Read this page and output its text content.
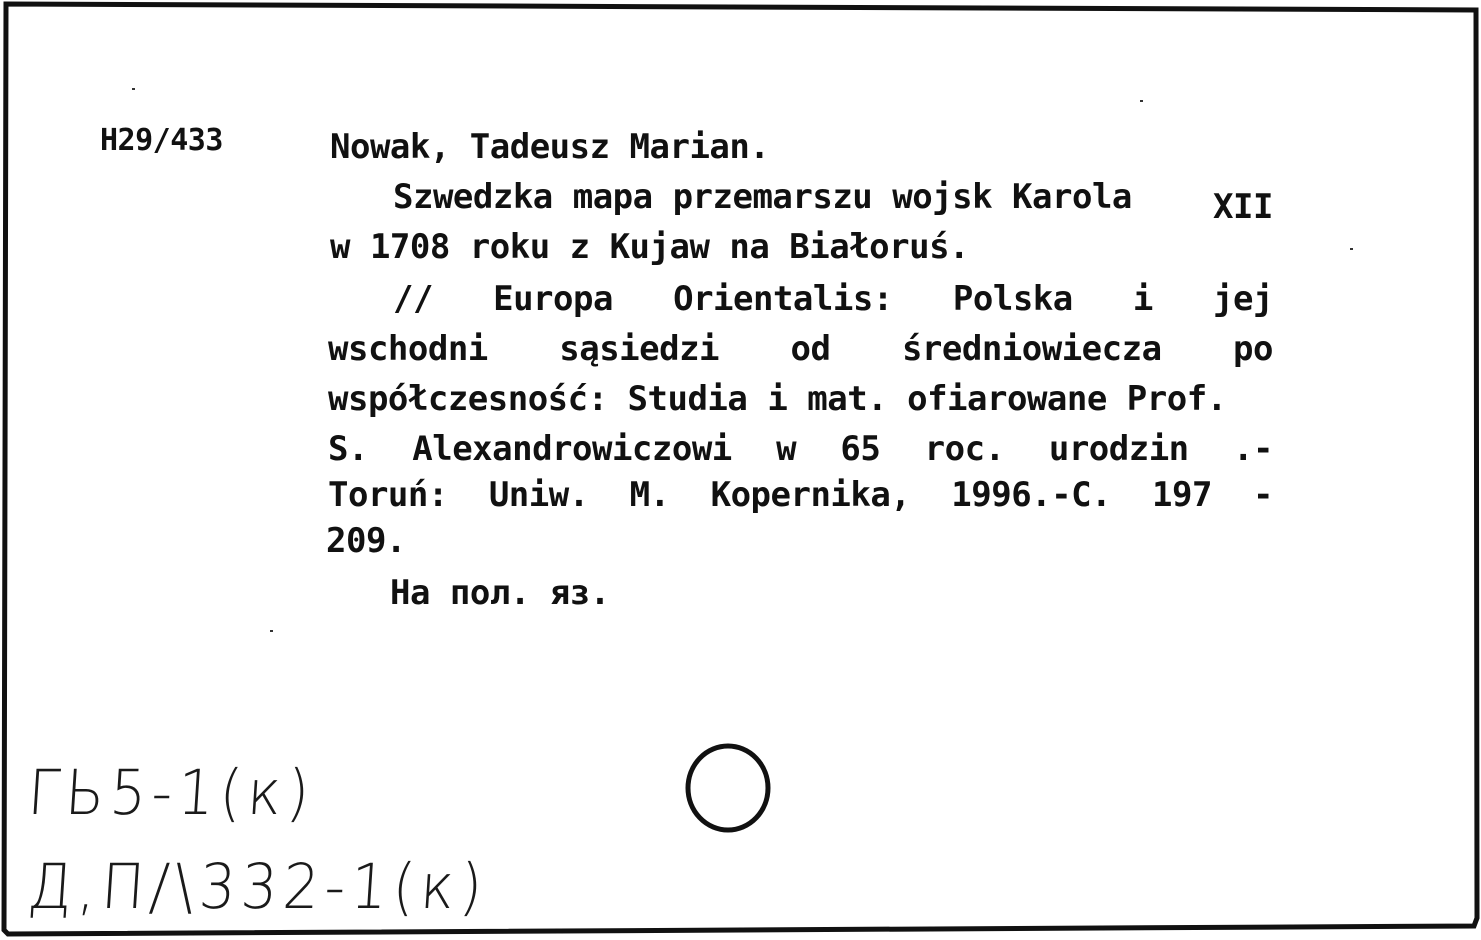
H29/433	Nowak, Tadeusz Marian.
Szwedzka mapa przemarszu wojsk Karola XII
w 1708 roku z Kujaw na Białoruś.
// Europa Orientalis: Polska i jej
wschodni sąsiedzi od średniowiecza po
współczesność: Studia i mat. ofiarowane Prof.
S. Alexandrowiczowi w 65 roc. urodzin .-
Toruń: Uniw. M. Kopernika, 1996.-C. 197 -
209.
На пол. яз.
ГЬ5-1(к)
Д,П/\332-1(к)
